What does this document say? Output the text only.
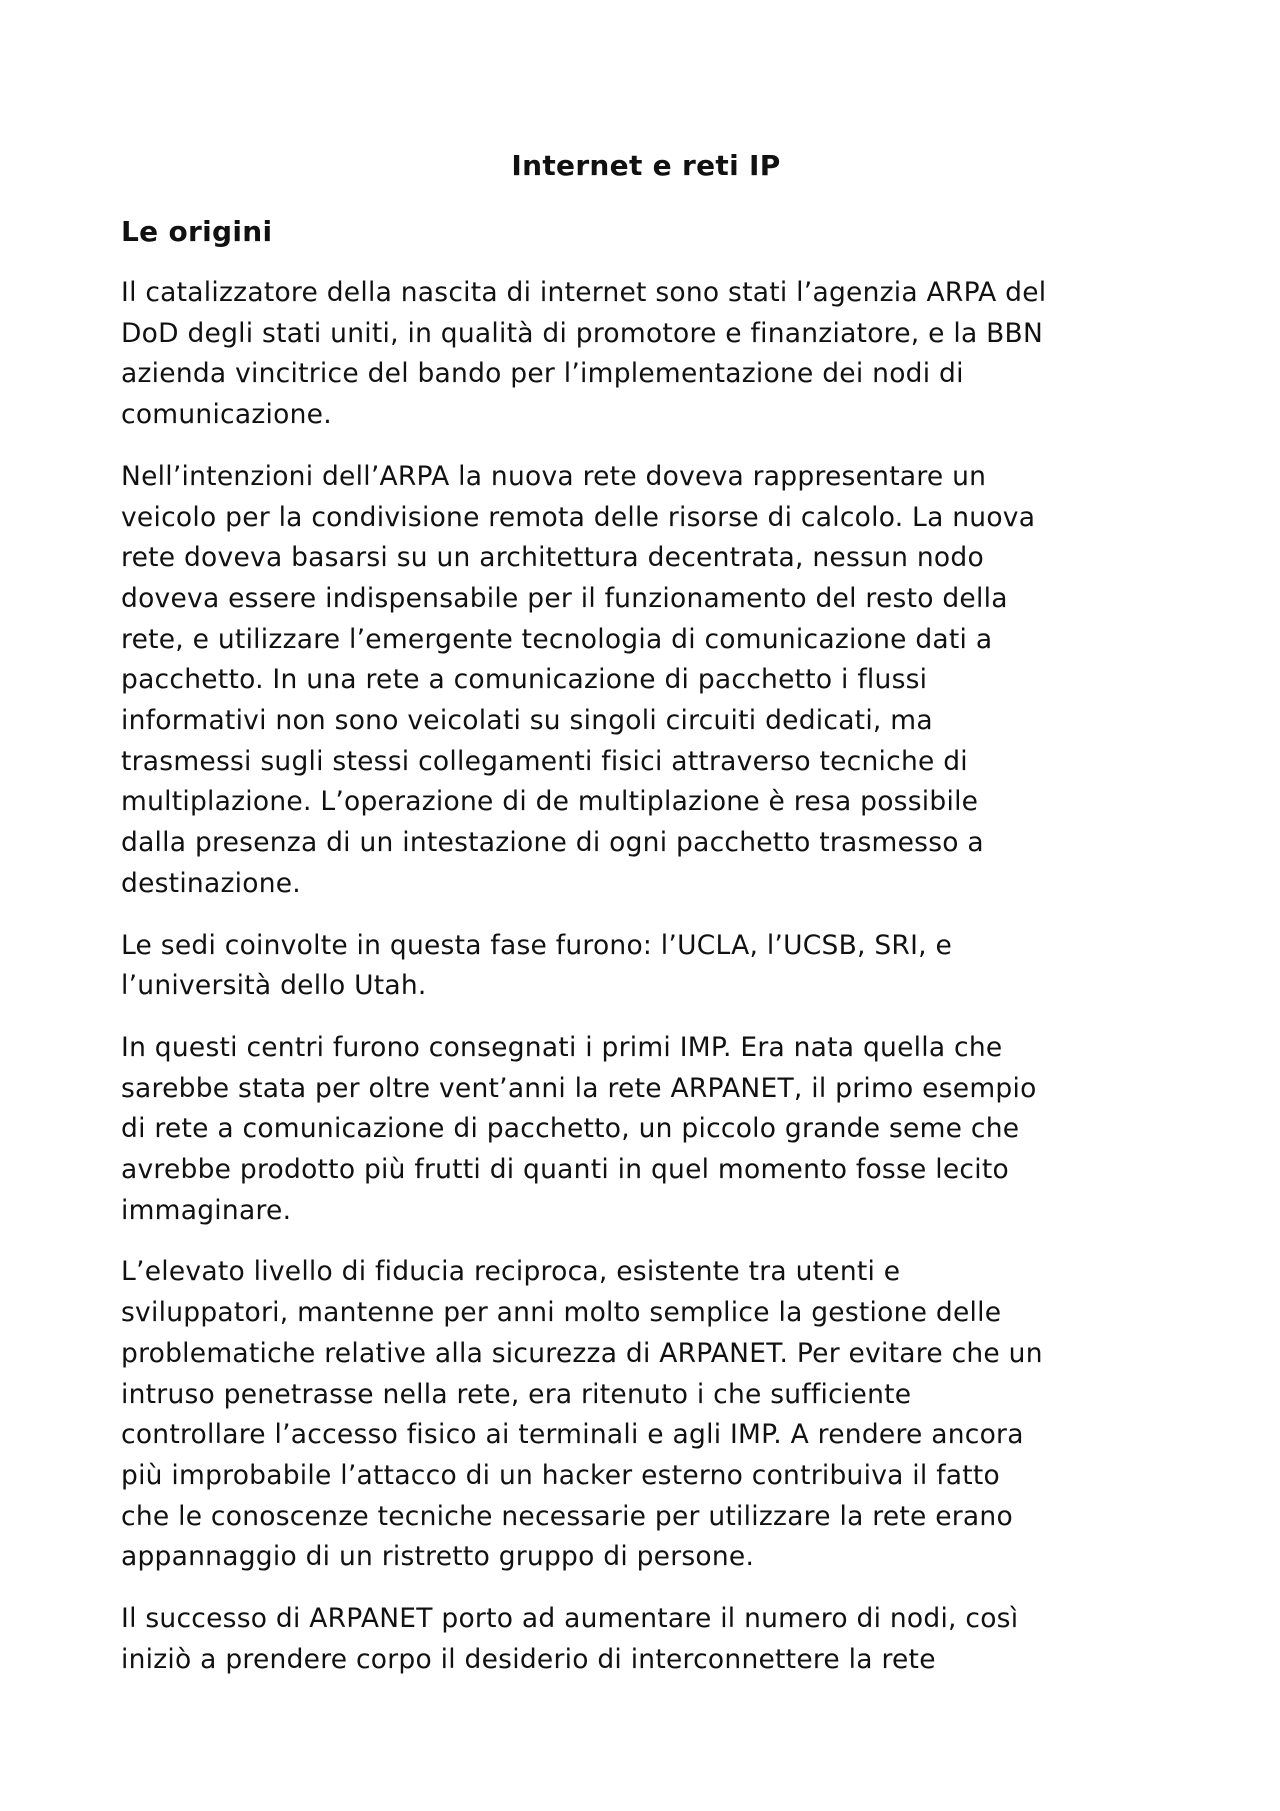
Internet e reti IP
Le origini

Il catalizzatore della nascita di internet sono stati l’agenzia ARPA del
DoD degli stati uniti, in qualità di promotore e finanziatore, e la BBN
azienda vincitrice del bando per l’implementazione dei nodi di
comunicazione.

Nell’intenzioni dell’ARPA la nuova rete doveva rappresentare un
veicolo per la condivisione remota delle risorse di calcolo. La nuova
rete doveva basarsi su un architettura decentrata, nessun nodo
doveva essere indispensabile per il funzionamento del resto della
rete, e utilizzare l’emergente tecnologia di comunicazione dati a
pacchetto. In una rete a comunicazione di pacchetto i flussi
informativi non sono veicolati su singoli circuiti dedicati, ma
trasmessi sugli stessi collegamenti fisici attraverso tecniche di
multiplazione. L’operazione di de multiplazione è resa possibile
dalla presenza di un intestazione di ogni pacchetto trasmesso a
destinazione.

Le sedi coinvolte in questa fase furono: l’UCLA, l’UCSB, SRI, e
l’università dello Utah.

In questi centri furono consegnati i primi IMP. Era nata quella che
sarebbe stata per oltre vent’anni la rete ARPANET, il primo esempio
di rete a comunicazione di pacchetto, un piccolo grande seme che
avrebbe prodotto più frutti di quanti in quel momento fosse lecito
immaginare.

L’elevato livello di fiducia reciproca, esistente tra utenti e
sviluppatori, mantenne per anni molto semplice la gestione delle
problematiche relative alla sicurezza di ARPANET. Per evitare che un
intruso penetrasse nella rete, era ritenuto i che sufficiente
controllare l’accesso fisico ai terminali e agli IMP. A rendere ancora
più improbabile l’attacco di un hacker esterno contribuiva il fatto
che le conoscenze tecniche necessarie per utilizzare la rete erano
appannaggio di un ristretto gruppo di persone.

Il successo di ARPANET porto ad aumentare il numero di nodi, così
iniziò a prendere corpo il desiderio di interconnettere la rete
